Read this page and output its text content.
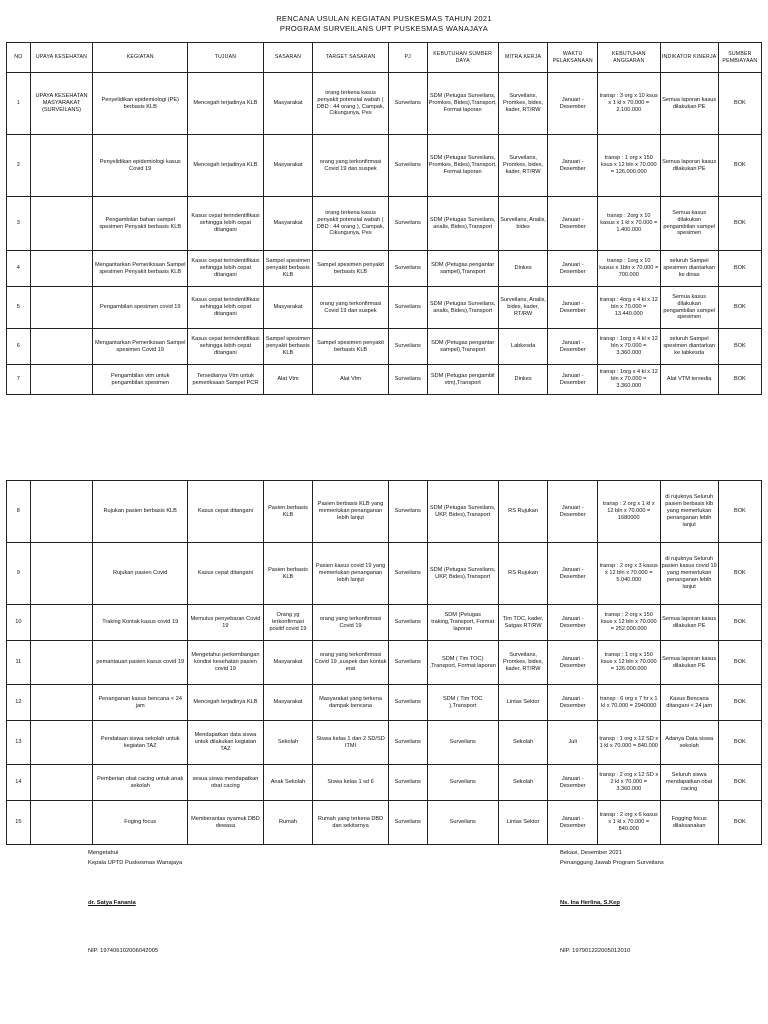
RENCANA USULAN KEGIATAN PUSKESMAS TAHUN 2021
PROGRAM SURVEILANS UPT PUSKESMAS WANAJAYA
NO	UPAYA KESEHATAN	KEGIATAN	TUJUAN	SASARAN	TARGET SASARAN	PJ	KEBUTUHAN SUMBER DAYA	MITRA KERJA	WAKTU PELAKSANAAN	KEBUTUHAN ANGGARAN	INDIKATOR KINERJA	SUMBER PEMBIAYAAN
1	UPAYA KESEHATAN MASYARAKAT (SURVEILANS)	Penyelidikan epidemiologi (PE) berbasis KLB	Mencegah terjadinya KLB	Masyarakat	orang terkena kasus penyakit potensial wabah ( DBD : 44 orang ), Campak, Cikungunya, Pes	Surveilans	SDM (Petugas Surveilans, Promkes, Bides),Transport, Format laporan	Surveilans, Promkes, bides, kader, RT/RW	Januari - Desember	transp : 3 org x 10 ksus x 1 kl x 70.000 = 2.100.000	Semua laporan kasus dilakukan PE	BOK
2		Penyelidikan epidemiologi kasus Covid 19	Mencegah terjadinya KLB	Masyarakat	orang yang terkonfirmasi Covid 19 dan suspek	Surveilans	SDM (Petugas Surveilans, Promkes, Bides),Transport, Format laporan	Surveilans, Promkes, bides, kader, RT/RW	Januari - Desember	transp : 1 org x 150 ksus x 12 bln x 70.000 = 126.000.000	Semua laporan kasus dilakukan PE	BOK
3		Pengambilan bahan sampel spesimen Penyakit berbasis KLB	Kasus cepat terindentifikasi sehingga lebih cepat ditangani	Masyarakat	orang terkena kasus penyakit potensial wabah ( DBD : 44 orang ), Campak, Cikungunya, Pes	Surveilans	SDM (Petugas Surveilans, analis, Bides),Transport	Surveilans, Analis, bides	Januari - Desember	transp : 2org x 10 kasus x 1 kl x 70.000 = 1.400.000	Semua kasus dilakukan pengambilan sampel spesimen	BOK
4		Mengantarkan Pemeriksaan Sampel spesimen Penyakit berbasis KLB	Kasus cepat terindentifikasi sehingga lebih cepat ditangani	Sampel spesimen penyakit berbasis KLB	Sampel spesimen penyakit berbasis KLB	Surveilans	SDM (Petugas pengantar sampel),Transport	Dinkes	Januari - Desember	transp : 1org x 10 kasus x 1bln x 70.000 = 700.000	seluruh Sampel spesimen diantarkan ke dinas	BOK
5		Pengambilan spesimen covid 19	Kasus cepat terindentifikasi sehingga lebih cepat ditangani	Masyarakat	orang yang terkonfirmasi Covid 19 dan suspek	Surveilans	SDM (Petugas Surveilans, analis, Bides),Transport	Surveilans, Analis, bides, kader, RT/RW	Januari - Desember	transp : 4org x 4 kl x 12 bln x 70.000 = 13.440.000	Semua kasus dilakukan pengambilan sampel spesimen	BOK
6		Mengantarkan Pemeriksaan Sampel spesimen Covid 19	Kasus cepat terindentifikasi sehingga lebih cepat ditangani	Sampel spesimen penyakit berbasis KLB	Sampel spesimen penyakit berbasis KLB	Surveilans	SDM (Petugas pengantar sampel),Transport	Labkesda	Januari - Desember	transp : 1org x 4 kl x 12 bln x 70.000 = 3.360.000	seluruh Sampel spesimen diantarkan ke labkesda	BOK
7		Pengambilan vtm untuk pengambilan spesimen	Tersedianya Vtm untuk pemeriksaan Sampel PCR	Alat Vtm	Alat Vtm	Surveilans	SDM (Petugas pengambil vtm),Transport	Dinkes	Januari - Desember	transp : 1org x 4 kl x 12 bln x 70.000 = 3.360.000	Alat VTM tersedia	BOK
8		Rujukan pasien berbasis KLB	Kasus cepat ditangani	Pasien berbasis KLB	Pasien berbasis KLB yang memerlukan penanganan lebih lanjut	Surveilans	SDM (Petugas Surveilans, UKP, Bides),Transport	RS Rujukan	Januari - Desember	transp : 2 org x 1 kl x 12 bln x 70.000 = 1680000	di rujuknya Seluruh pasien berbasis klb yang memerlukan penanganan lebih lanjut	BOK
9		Rujukan pasien Covid	Kasus cepat ditangani	Pasien berbasis KLB	Pasien kasus covid 19 yang memerlukan penanganan lebih lanjut	Surveilans	SDM (Petugas Surveilans, UKP, Bides),Transport	RS Rujukan	Januari - Desember	transp : 2 org x 3 kasus x 12 bln x 70.000 = 5.040.000	di rujuknya Seluruh pasien kasus covid 19 yang memerlukan penanganan lebih lanjut	BOK
10		Traking Kontak kasus covid 19	Memutus penyebaran Covid 19	Orang yg terkonfirmasi positif covid 19	orang yang terkonfirmasi Covid 19	Surveilans	SDM (Petugas traking,Transport, Format laporan	Tim TOC, kader, Satgas RT/RW	Januari - Desember	transp : 2 org x 150 ksus x 12 bln x 70.000 = 252.000.000	Semua laporan kasus dilakukan PE	BOK
11		pemantauan pasien kasus covid 19	Mengetahui perkembangan kondisi kesehatan pasien covid 19	Masyarakat	orang yang terkonfirmasi Covid 19 ,suspek dan kontak erat	Surveilans	SDM ( Tim TOC) ,Transport, Format laporan	Surveilans, Promkes, bides, kader, RT/RW	Januari - Desember	transp : 1 org x 150 ksus x 12 bln x 70.000 = 126.000.000	Semua laporan kasus dilakukan PE	BOK
12		Penanganan kasus bencana < 24 jam	Mencegah terjadinya KLB	Masyarakat	Masyarakat yang terkena dampak bencana	Surveilans	SDM ( Tim TOC ),Transport	Lintas Sektor	Januari - Desember	transp : 6 org x 7 hr x 1 kl x 70.000 = 2940000	Kasus Bencana ditangani < 24 jam	BOK
13		Pendataan siswa sekolah untuk kegiatan TAZ	Mendapatkan data siswa untuk dilakukan kegiatan TAZ	Sekolah	Siswa kelas 1 dan 2 SD/SD ITMI	Surveilans	Surveilans	Sekolah	Juli	transp : 1 org x 12 SD x 1 kl x 70.000 = 840.000	Adanya Data siswa sekolah	BOK
14		Pemberian obat cacing untuk anak sekolah	sesua siswa mendapatkan obat cacing	Anak Sekolah	Siswa kelas 1 sd 6	Surveilans	Surveilans	Sekolah	Januari - Desember	transp : 2 org x 12 SD x 2 kl x 70.000 = 3.360.000	Seluruh siswa mendapatkan obat cacing	BOK
15		Foging focus	Memberantas nyamuk DBD dewasa	Rumah	Rumah yang terkena DBD dan sekitarnya	Surveilans	Surveilans	Lintas Sektor	Januari - Desember	transp : 2 org x 6 kasus x 1 kl x 70.000 = 840.000	Fogging focus dilaksanakan	BOK
Mengetahui
Kepala UPTD Puskesmas Wanajaya
dr. Satya Fanania
NIP. 197406102006042005
Bekasi, Desember 2021
Penanggung Jawab Program Surveilans
Ns. Ina Herlina, S.Kep
NIP. 197901222005012010
